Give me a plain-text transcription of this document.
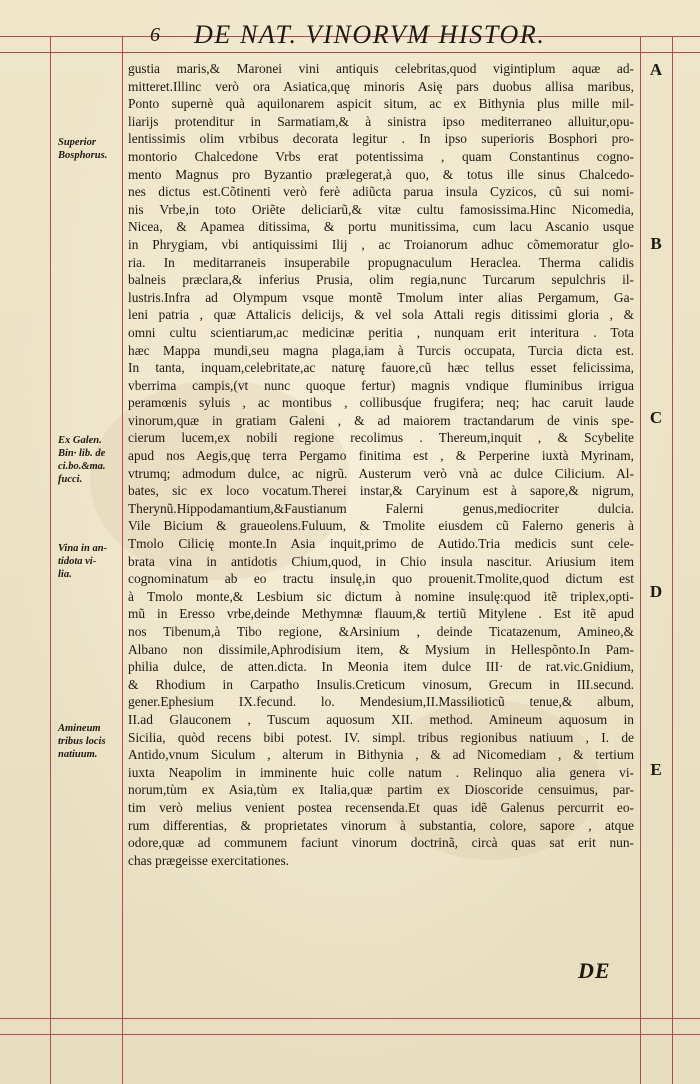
6 DE NAT. VINORVM HISTOR.
Superior
Bosphorus.
Ex Galen.
Bin· lib. de
ci.bo.&ma.
fucci.
Vina in an-
tidota vi-
lia.
Amineum
tribus locis
natiuum.
A
B
C
D
E
gustia maris,& Maronei vini antiquis celebritas,quod vigintiplum aquæ ad-
mitteret.Illinc verò ora Asiatica,quę minoris Asię pars duobus allisa maribus,
Ponto supernè quà aquilonarem aspicit situm, ac ex Bithynia plus mille mil-
liarijs protenditur in Sarmatiam,& à sinistra ipso mediterraneo alluitur,opu-
lentissimis olim vrbibus decorata legitur . In ipso superioris Bosphori pro-
montorio Chalcedone Vrbs erat potentissima , quam Constantinus cogno-
mento Magnus pro Byzantio prælegerat,à quo, & totus ille sinus Chalcedo-
nes dictus est.Cõtinenti verò ferè adiũcta parua insula Cyzicos, cũ sui nomi-
nis Vrbe,in toto Oriẽte deliciarũ,& vitæ cultu famosissima.Hinc Nicomedia,
Nicea, & Apamea ditissima, & portu munitissima, cum lacu Ascanio usque
in Phrygiam, vbi antiquissimi Ilij , ac Troianorum adhuc cõmemoratur glo-
ria. In meditarraneis insuperabile propugnaculum Heraclea. Therma calidis
balneis præclara,& inferius Prusia, olim regia,nunc Turcarum sepulchris il-
lustris.Infra ad Olympum vsque montẽ Tmolum inter alias Pergamum, Ga-
leni patria , quæ Attalicis delicijs, & vel sola Attali regis ditissimi gloria , &
omni cultu scientiarum,ac medicinæ peritia , nunquam erit interitura . Tota
hæc Mappa mundi,seu magna plaga,iam à Turcis occupata, Turcia dicta est.
In tanta, inquam,celebritate,ac naturę fauore,cũ hæc tellus esset felicissima,
vberrima campis,(vt nunc quoque fertur) magnis vndique fluminibus irrigua
peramœnis syluis , ac montibus , collibusq́ue frugifera; neq; hac caruit laude
vinorum,quæ in gratiam Galeni , & ad maiorem tractandarum de vinis spe-
cierum lucem,ex nobili regione recolimus . Thereum,inquit , & Scybelite
apud nos Aegis,quę terra Pergamo finitima est , & Perperine iuxtà Myrinam,
vtrumq; admodum dulce, ac nigrũ. Austerum verò vnà ac dulce Cilicium. Al-
bates, sic ex loco vocatum.Therei instar,& Caryinum est à sapore,& nigrum,
Therynũ.Hippodamantium,&Faustianum Falerni genus,mediocriter dulcia.
Vile Bicium & graueolens.Fuluum, & Tmolite eiusdem cũ Falerno generis à
Tmolo Cilicię monte.In Asia inquit,primo de Autido.Tria medicis sunt cele-
brata vina in antidotis Chium,quod, in Chio insula nascitur. Ariusium item
cognominatum ab eo tractu insulę,in quo prouenit.Tmolite,quod dictum est
à Tmolo monte,& Lesbium sic dictum à nomine insulę:quod itẽ triplex,opti-
mũ in Eresso vrbe,deinde Methymnæ flauum,& tertiũ Mitylene . Est itẽ apud
nos Tibenum,à Tibo regione, &Arsinium , deinde Ticatazenum, Amineo,&
Albano non dissimile,Aphrodisium item, & Mysium in Hellespõnto.In Pam-
philia dulce, de atten.dicta. In Meonia item dulce III· de rat.vic.Gnidium,
& Rhodium in Carpatho Insulis.Creticum vinosum, Grecum in III.secund.
gener.Ephesium IX.fecund. lo. Mendesium,II.Massilioticũ tenue,& album,
II.ad Glauconem , Tuscum aquosum XII. method. Amineum aquosum in
Sicilia, quòd recens bibi potest. IV. simpl. tribus regionibus natiuum , I. de
Antido,vnum Siculum , alterum in Bithynia , & ad Nicomediam , & tertium
iuxta Neapolim in imminente huic colle natum . Relinquo alia genera vi-
norum,tùm ex Asia,tùm ex Italia,quæ partim ex Dioscoride censuimus, par-
tim verò melius venient postea recensenda.Et quas idẽ Galenus percurrit eo-
rum differentias, & proprietates vinorum à substantia, colore, sapore , atque
odore,quæ ad communem faciunt vinorum doctrinã, circà quas sat erit nun-
chas prægeisse exercitationes.
DE
